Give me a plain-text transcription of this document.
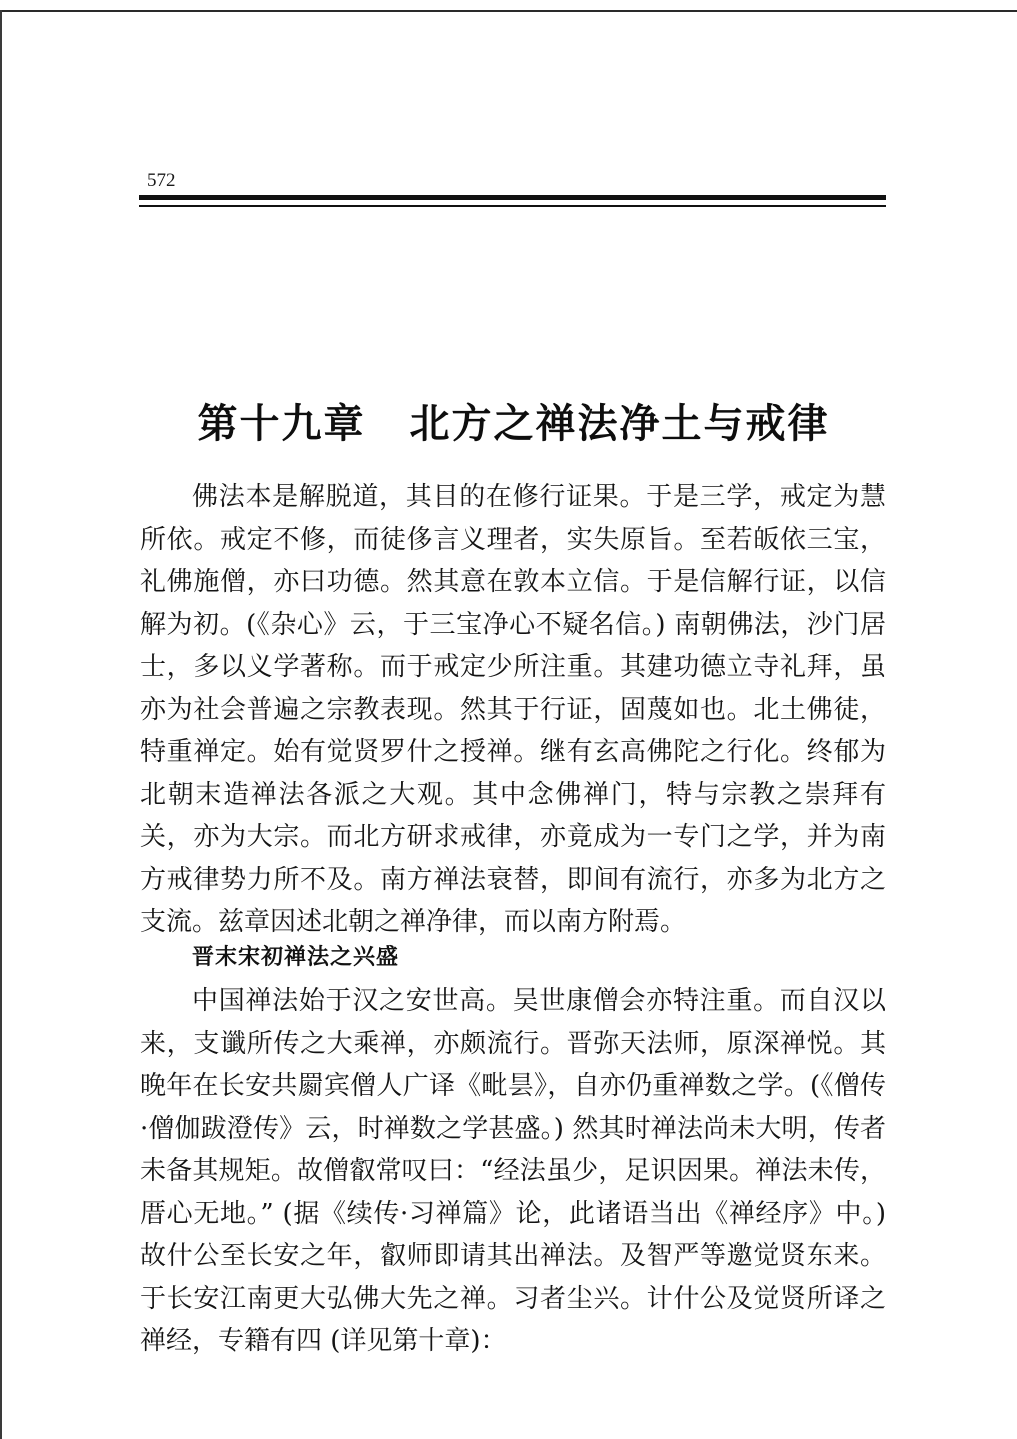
572
第十九章 北方之禅法净土与戒律
佛法本是解脱道，其目的在修行证果。于是三学，戒定为慧所依。戒定不修，而徒侈言义理者，实失原旨。至若皈依三宝，礼佛施僧，亦曰功德。然其意在敦本立信。于是信解行证，以信解为初。(《杂心》云，于三宝净心不疑名信。) 南朝佛法，沙门居士，多以义学著称。而于戒定少所注重。其建功德立寺礼拜，虽亦为社会普遍之宗教表现。然其于行证，固蔑如也。北土佛徒，特重禅定。始有觉贤罗什之授禅。继有玄高佛陀之行化。终郁为北朝末造禅法各派之大观。其中念佛禅门，特与宗教之崇拜有关，亦为大宗。而北方研求戒律，亦竟成为一专门之学，并为南方戒律势力所不及。南方禅法衰替，即间有流行，亦多为北方之支流。兹章因述北朝之禅净律，而以南方附焉。
晋末宋初禅法之兴盛
中国禅法始于汉之安世高。吴世康僧会亦特注重。而自汉以来，支谶所传之大乘禅，亦颇流行。晋弥天法师，原深禅悦。其晚年在长安共罽宾僧人广译《毗昙》，自亦仍重禅数之学。(《僧传·僧伽跋澄传》云，时禅数之学甚盛。) 然其时禅法尚未大明，传者未备其规矩。故僧叡常叹曰：“经法虽少，足识因果。禅法未传，厝心无地。” (据《续传·习禅篇》论，此诸语当出《禅经序》中。) 故什公至长安之年，叡师即请其出禅法。及智严等邀觉贤东来。于长安江南更大弘佛大先之禅。习者尘兴。计什公及觉贤所译之禅经，专籍有四 (详见第十章)：
